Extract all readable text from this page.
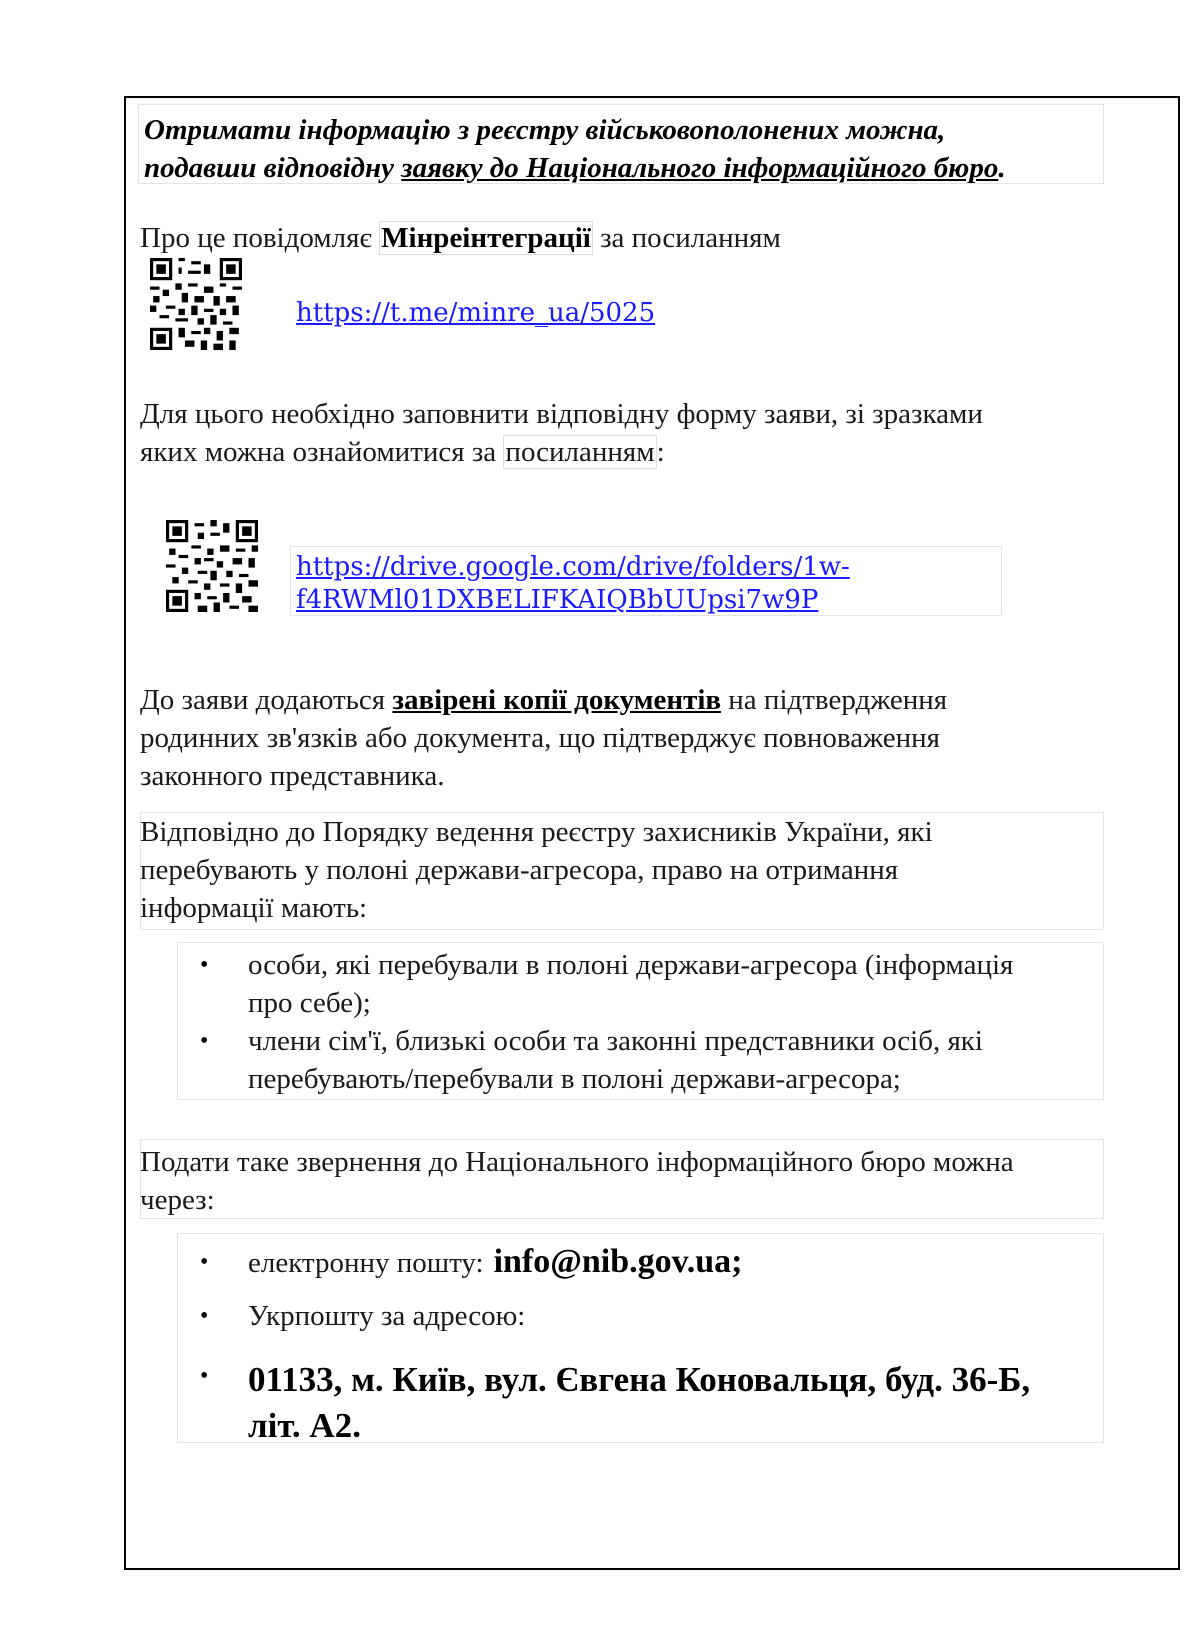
Отримати інформацію з реєстру військовополонених можна,
подавши відповідну заявку до Національного інформаційного бюро.
Про це повідомляє Мінреінтеграції за посиланням
https://t.me/minre_ua/5025
Для цього необхідно заповнити відповідну форму заяви, зі зразками
яких можна ознайомитися за посиланням:
https://drive.google.com/drive/folders/1w-
f4RWMl01DXBELIFKAIQBbUUpsi7w9P
До заяви додаються завірені копії документів на підтвердження
родинних зв'язків або документа, що підтверджує повноваження
законного представника.
Відповідно до Порядку ведення реєстру захисників України, які
перебувають у полоні держави-агресора, право на отримання
інформації мають:
• особи, які перебували в полоні держави-агресора (інформація
про себе);
• члени сім'ї, близькі особи та законні представники осіб, які
перебувають/перебували в полоні держави-агресора;
Подати таке звернення до Національного інформаційного бюро можна
через:
• електронну пошту: info@nib.gov.ua;
• Укрпошту за адресою:
• 01133, м. Київ, вул. Євгена Коновальця, буд. 36-Б,
літ. А2.
